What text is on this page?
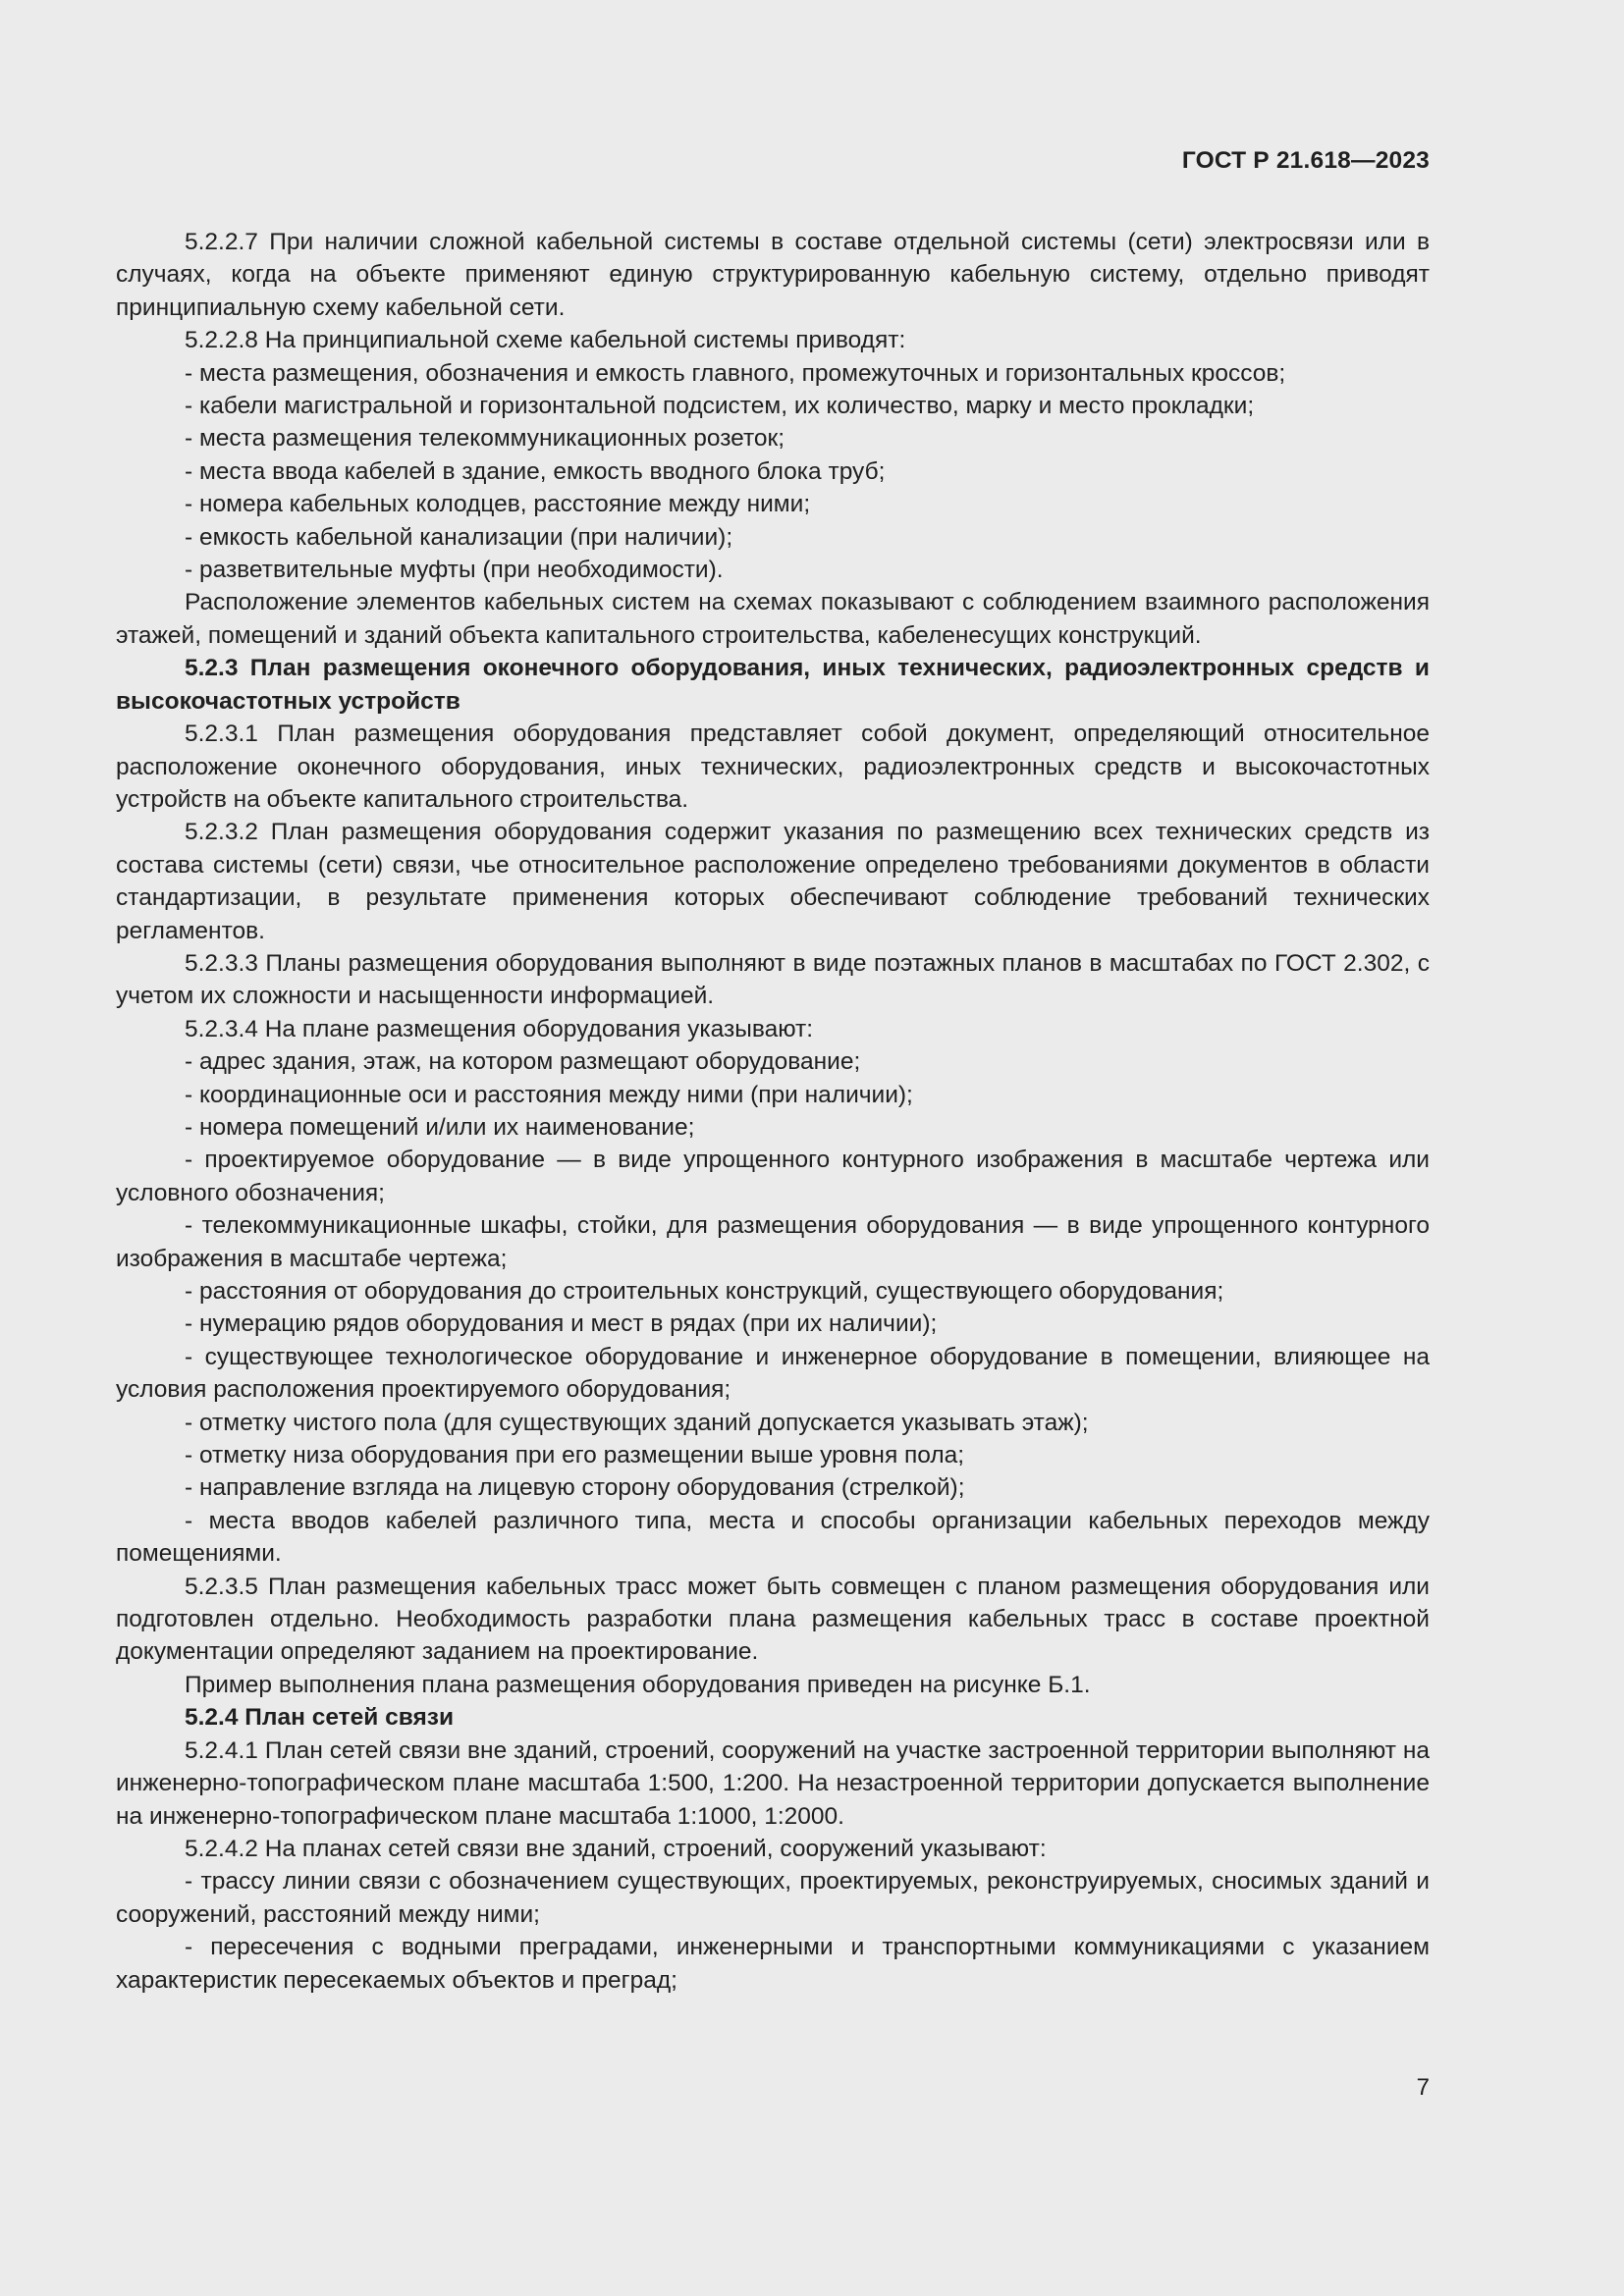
ГОСТ Р 21.618—2023

5.2.2.7 При наличии сложной кабельной системы в составе отдельной системы (сети) электросвязи или в случаях, когда на объекте применяют единую структурированную кабельную систему, отдельно приводят принципиальную схему кабельной сети.

5.2.2.8 На принципиальной схеме кабельной системы приводят:

- места размещения, обозначения и емкость главного, промежуточных и горизонтальных кроссов;

- кабели магистральной и горизонтальной подсистем, их количество, марку и место прокладки;

- места размещения телекоммуникационных розеток;

- места ввода кабелей в здание, емкость вводного блока труб;

- номера кабельных колодцев, расстояние между ними;

- емкость кабельной канализации (при наличии);

- разветвительные муфты (при необходимости).

Расположение элементов кабельных систем на схемах показывают с соблюдением взаимного расположения этажей, помещений и зданий объекта капитального строительства, кабеленесущих конструкций.

5.2.3 План размещения оконечного оборудования, иных технических, радиоэлектронных средств и высокочастотных устройств

5.2.3.1 План размещения оборудования представляет собой документ, определяющий относительное расположение оконечного оборудования, иных технических, радиоэлектронных средств и высокочастотных устройств на объекте капитального строительства.

5.2.3.2 План размещения оборудования содержит указания по размещению всех технических средств из состава системы (сети) связи, чье относительное расположение определено требованиями документов в области стандартизации, в результате применения которых обеспечивают соблюдение требований технических регламентов.

5.2.3.3 Планы размещения оборудования выполняют в виде поэтажных планов в масштабах по ГОСТ 2.302, с учетом их сложности и насыщенности информацией.

5.2.3.4 На плане размещения оборудования указывают:

- адрес здания, этаж, на котором размещают оборудование;

- координационные оси и расстояния между ними (при наличии);

- номера помещений и/или их наименование;

- проектируемое оборудование — в виде упрощенного контурного изображения в масштабе чертежа или условного обозначения;

- телекоммуникационные шкафы, стойки, для размещения оборудования — в виде упрощенного контурного изображения в масштабе чертежа;

- расстояния от оборудования до строительных конструкций, существующего оборудования;

- нумерацию рядов оборудования и мест в рядах (при их наличии);

- существующее технологическое оборудование и инженерное оборудование в помещении, влияющее на условия расположения проектируемого оборудования;

- отметку чистого пола (для существующих зданий допускается указывать этаж);

- отметку низа оборудования при его размещении выше уровня пола;

- направление взгляда на лицевую сторону оборудования (стрелкой);

- места вводов кабелей различного типа, места и способы организации кабельных переходов между помещениями.

5.2.3.5 План размещения кабельных трасс может быть совмещен с планом размещения оборудования или подготовлен отдельно. Необходимость разработки плана размещения кабельных трасс в составе проектной документации определяют заданием на проектирование.

Пример выполнения плана размещения оборудования приведен на рисунке Б.1.

5.2.4 План сетей связи

5.2.4.1 План сетей связи вне зданий, строений, сооружений на участке застроенной территории выполняют на инженерно-топографическом плане масштаба 1:500, 1:200. На незастроенной территории допускается выполнение на инженерно-топографическом плане масштаба 1:1000, 1:2000.

5.2.4.2 На планах сетей связи вне зданий, строений, сооружений указывают:

- трассу линии связи с обозначением существующих, проектируемых, реконструируемых, сносимых зданий и сооружений, расстояний между ними;

- пересечения с водными преградами, инженерными и транспортными коммуникациями с указанием характеристик пересекаемых объектов и преград;

7
